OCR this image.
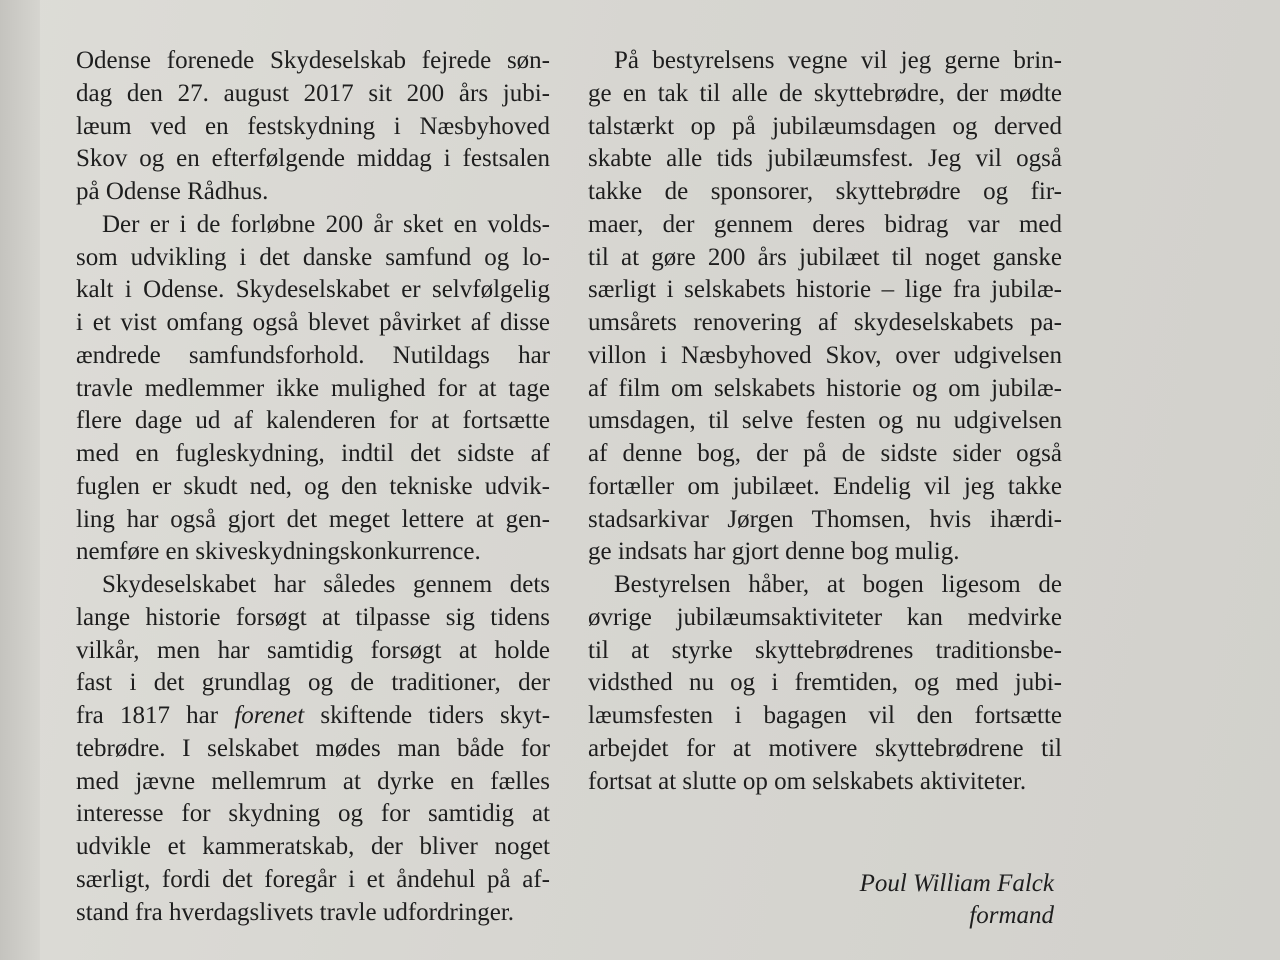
Odense forenede Skydeselskab fejrede søn-
dag den 27. august 2017 sit 200 års jubi-
læum ved en festskydning i Næsbyhoved
Skov og en efterfølgende middag i festsalen
på Odense Rådhus.
Der er i de forløbne 200 år sket en volds-
som udvikling i det danske samfund og lo-
kalt i Odense. Skydeselskabet er selvfølgelig
i et vist omfang også blevet påvirket af disse
ændrede samfundsforhold. Nutildags har
travle medlemmer ikke mulighed for at tage
flere dage ud af kalenderen for at fortsætte
med en fugleskydning, indtil det sidste af
fuglen er skudt ned, og den tekniske udvik-
ling har også gjort det meget lettere at gen-
nemføre en skiveskydningskonkurrence.
Skydeselskabet har således gennem dets
lange historie forsøgt at tilpasse sig tidens
vilkår, men har samtidig forsøgt at holde
fast i det grundlag og de traditioner, der
fra 1817 har forenet skiftende tiders skyt-
tebrødre. I selskabet mødes man både for
med jævne mellemrum at dyrke en fælles
interesse for skydning og for samtidig at
udvikle et kammeratskab, der bliver noget
særligt, fordi det foregår i et åndehul på af-
stand fra hverdagslivets travle udfordringer.
På bestyrelsens vegne vil jeg gerne brin-
ge en tak til alle de skyttebrødre, der mødte
talstærkt op på jubilæumsdagen og derved
skabte alle tids jubilæumsfest. Jeg vil også
takke de sponsorer, skyttebrødre og fir-
maer, der gennem deres bidrag var med
til at gøre 200 års jubilæet til noget ganske
særligt i selskabets historie – lige fra jubilæ-
umsårets renovering af skydeselskabets pa-
villon i Næsbyhoved Skov, over udgivelsen
af film om selskabets historie og om jubilæ-
umsdagen, til selve festen og nu udgivelsen
af denne bog, der på de sidste sider også
fortæller om jubilæet. Endelig vil jeg takke
stadsarkivar Jørgen Thomsen, hvis ihærdi-
ge indsats har gjort denne bog mulig.
Bestyrelsen håber, at bogen ligesom de
øvrige jubilæumsaktiviteter kan medvirke
til at styrke skyttebrødrenes traditionsbe-
vidsthed nu og i fremtiden, og med jubi-
læumsfesten i bagagen vil den fortsætte
arbejdet for at motivere skyttebrødrene til
fortsat at slutte op om selskabets aktiviteter.
Poul William Falck
formand
